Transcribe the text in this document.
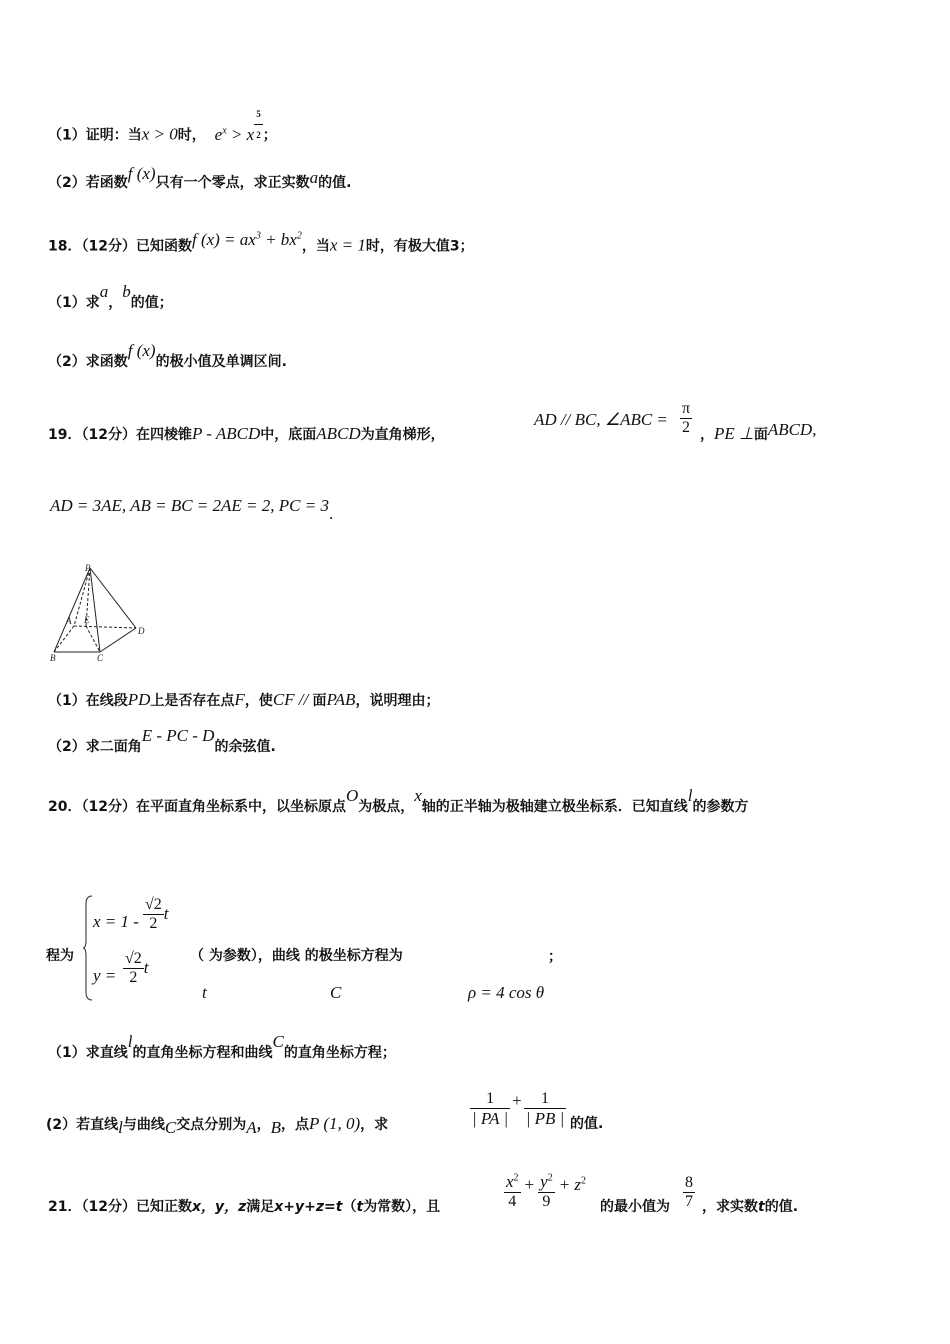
（1）证明：当x > 0时， $e^x > x \frac{5}{2}$ ；
（2）若函数f (x)只有一个零点，求正实数a的值.
18．（12分）已知函数f $(x) = ax^3 + bx^2$，当x = 1时，有极大值3；
（1）求a，b的值；
（2）求函数f (x)的极小值及单调区间.
19．（12分）在四棱锥P - ABCD中，底面ABCD为直角梯形，
AD // BC, ∠ABC = $\frac{\pi}{2}$ ，PE ⊥面ABCD,
AD = 3AE, AB = BC = 2AE = 2, PC = 3.
P
A E
D
B	C
（1）在线段PD上是否存在点F，使CF // 面PAB，说明理由；
（2）求二面角E - PC - D的余弦值.
20．（12分）在平面直角坐标系中，以坐标原点O为极点，x轴的正半轴为极轴建立极坐标系．已知直线l的参数方
程为
$x = 1 - \frac{√2}{2}$ t
$y = \frac{√2}{2}$ t
（ 为参数），曲线 的极坐标方程为	；
t	C	ρ = 4 cos θ
（1）求直线l的直角坐标方程和曲线C的直角坐标方程；
(2）若直线l与曲线C交点分别为A，B，点P (1, 0)，求	$\frac{1}{| PA |} + \frac{1}{| PB |}$ 的值.
21．（12分）已知正数x，y，z满足x+y+z=t（t为常数），且	$\frac{x^2}{4} + \frac{y^2}{9} + z^2$
的最小值为 $\frac{8}{7}$ ，求实数t的值.
